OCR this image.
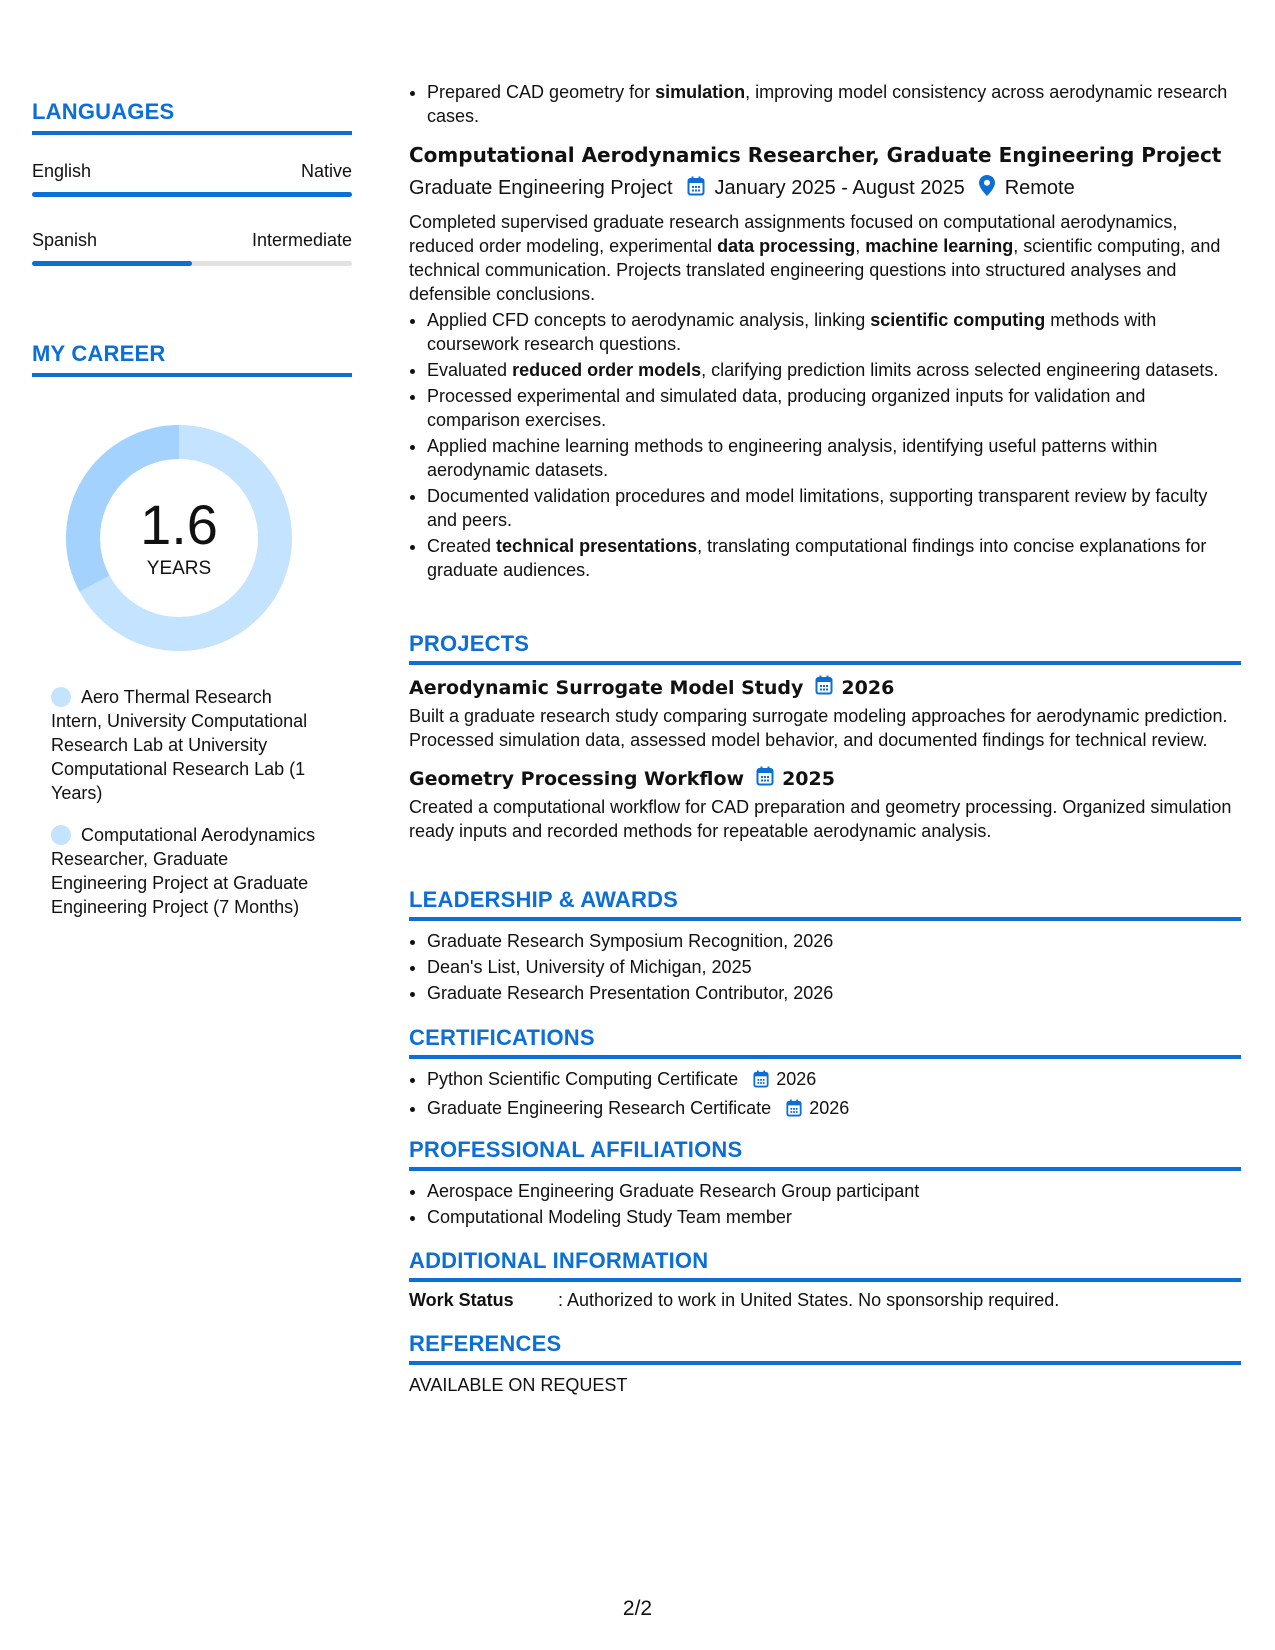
LANGUAGES
English	Native
Spanish	Intermediate
MY CAREER
1.6
YEARS
Aero Thermal Research Intern, University Computational Research Lab at University Computational Research Lab (1 Years)
Computational Aerodynamics Researcher, Graduate Engineering Project at Graduate Engineering Project (7 Months)
• Prepared CAD geometry for simulation, improving model consistency across aerodynamic research cases.
Computational Aerodynamics Researcher, Graduate Engineering Project
Graduate Engineering Project January 2025 - August 2025 Remote

Completed supervised graduate research assignments focused on computational aerodynamics, reduced order modeling, experimental data processing, machine learning, scientific computing, and technical communication. Projects translated engineering questions into structured analyses and defensible conclusions.

• Applied CFD concepts to aerodynamic analysis, linking scientific computing methods with coursework research questions.
• Evaluated reduced order models, clarifying prediction limits across selected engineering datasets.
• Processed experimental and simulated data, producing organized inputs for validation and comparison exercises.
• Applied machine learning methods to engineering analysis, identifying useful patterns within aerodynamic datasets.
• Documented validation procedures and model limitations, supporting transparent review by faculty and peers.
• Created technical presentations, translating computational findings into concise explanations for graduate audiences.
PROJECTS
Aerodynamic Surrogate Model Study 2026

Built a graduate research study comparing surrogate modeling approaches for aerodynamic prediction. Processed simulation data, assessed model behavior, and documented findings for technical review.

Geometry Processing Workflow 2025

Created a computational workflow for CAD preparation and geometry processing. Organized simulation ready inputs and recorded methods for repeatable aerodynamic analysis.

LEADERSHIP & AWARDS
• Graduate Research Symposium Recognition, 2026
• Dean's List, University of Michigan, 2025
• Graduate Research Presentation Contributor, 2026
CERTIFICATIONS
• Python Scientific Computing Certificate 2026
• Graduate Engineering Research Certificate 2026
PROFESSIONAL AFFILIATIONS
• Aerospace Engineering Graduate Research Group participant
• Computational Modeling Study Team member
ADDITIONAL INFORMATION
Work Status	: Authorized to work in United States. No sponsorship required.
REFERENCES
AVAILABLE ON REQUEST
2/2
